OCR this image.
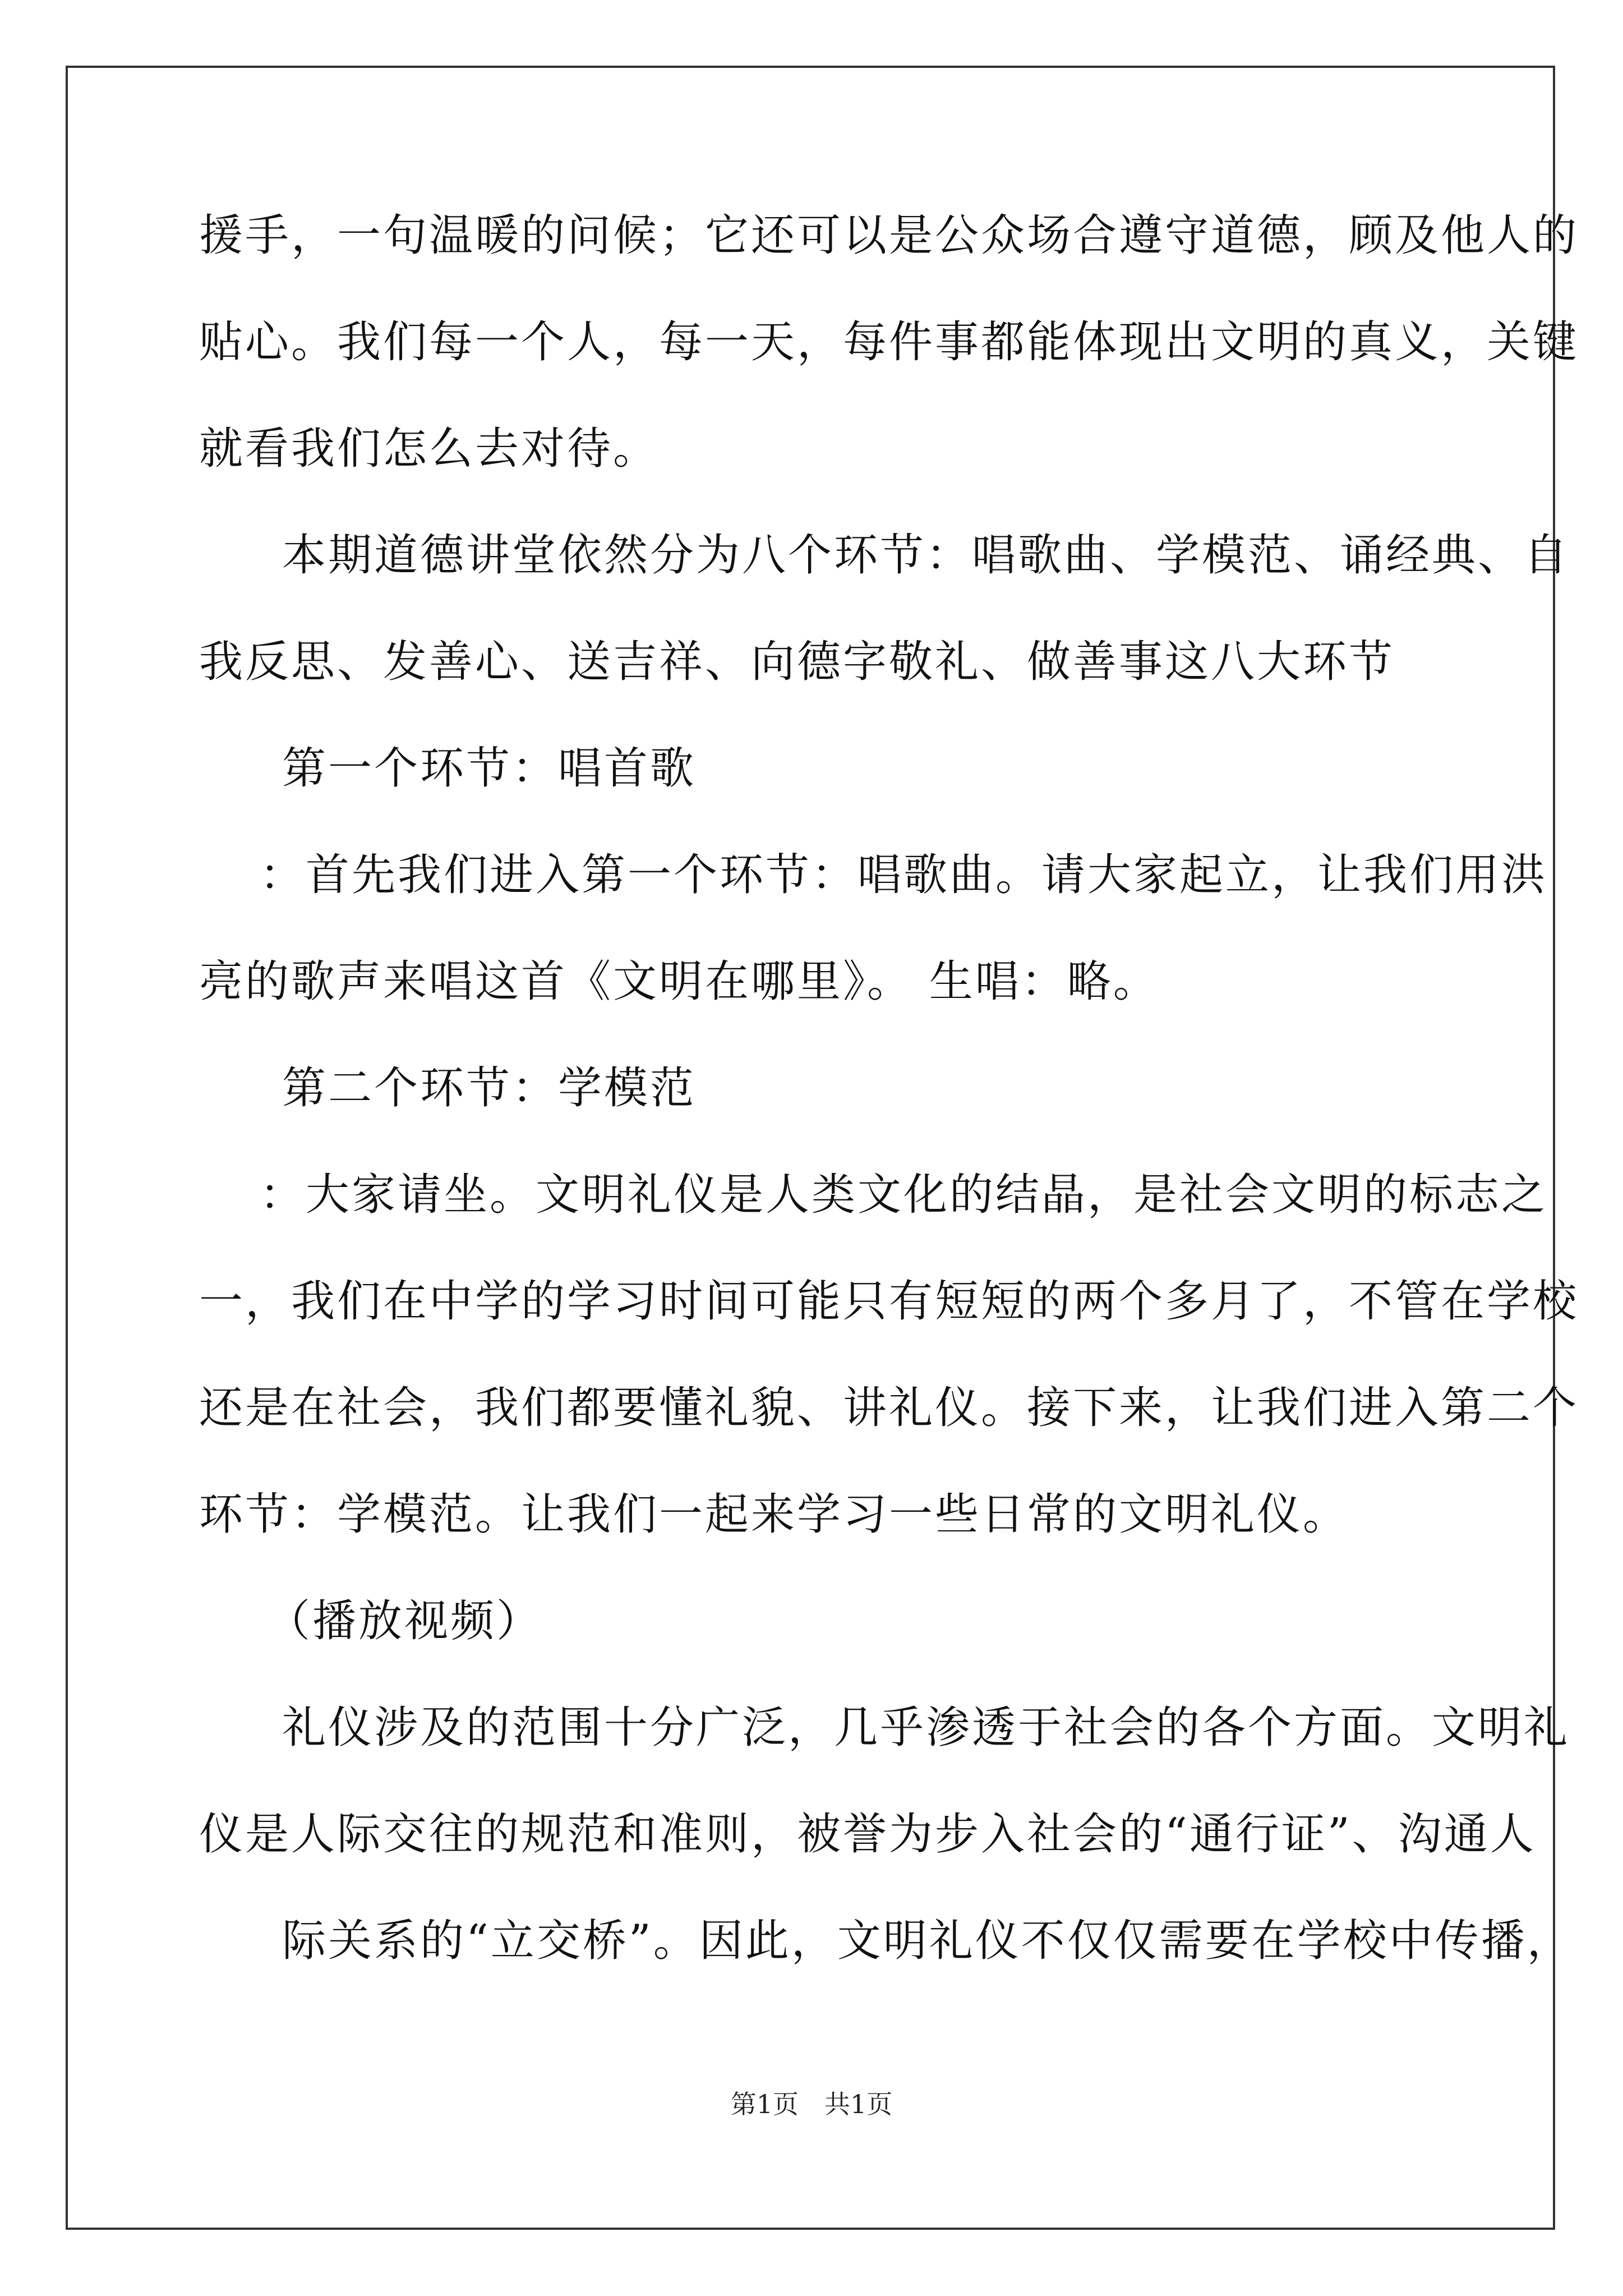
援手，一句温暖的问候；它还可以是公众场合遵守道德，顾及他人的
贴心。我们每一个人，每一天，每件事都能体现出文明的真义，关键
就看我们怎么去对待。
本期道德讲堂依然分为八个环节：唱歌曲、学模范、诵经典、自
我反思、发善心、送吉祥、向德字敬礼、做善事这八大环节
第一个环节：唱首歌
：首先我们进入第一个环节：唱歌曲。请大家起立，让我们用洪
亮的歌声来唱这首《文明在哪里》。 生唱：略。
第二个环节：学模范
：大家请坐。文明礼仪是人类文化的结晶，是社会文明的标志之
一，我们在中学的学习时间可能只有短短的两个多月了，不管在学校
还是在社会，我们都要懂礼貌、讲礼仪。接下来，让我们进入第二个
环节：学模范。让我们一起来学习一些日常的文明礼仪。
（播放视频）
礼仪涉及的范围十分广泛，几乎渗透于社会的各个方面。文明礼
仪是人际交往的规范和准则，被誉为步入社会的“通行证”、沟通人
际关系的“立交桥”。因此，文明礼仪不仅仅需要在学校中传播，
第1页　共1页
